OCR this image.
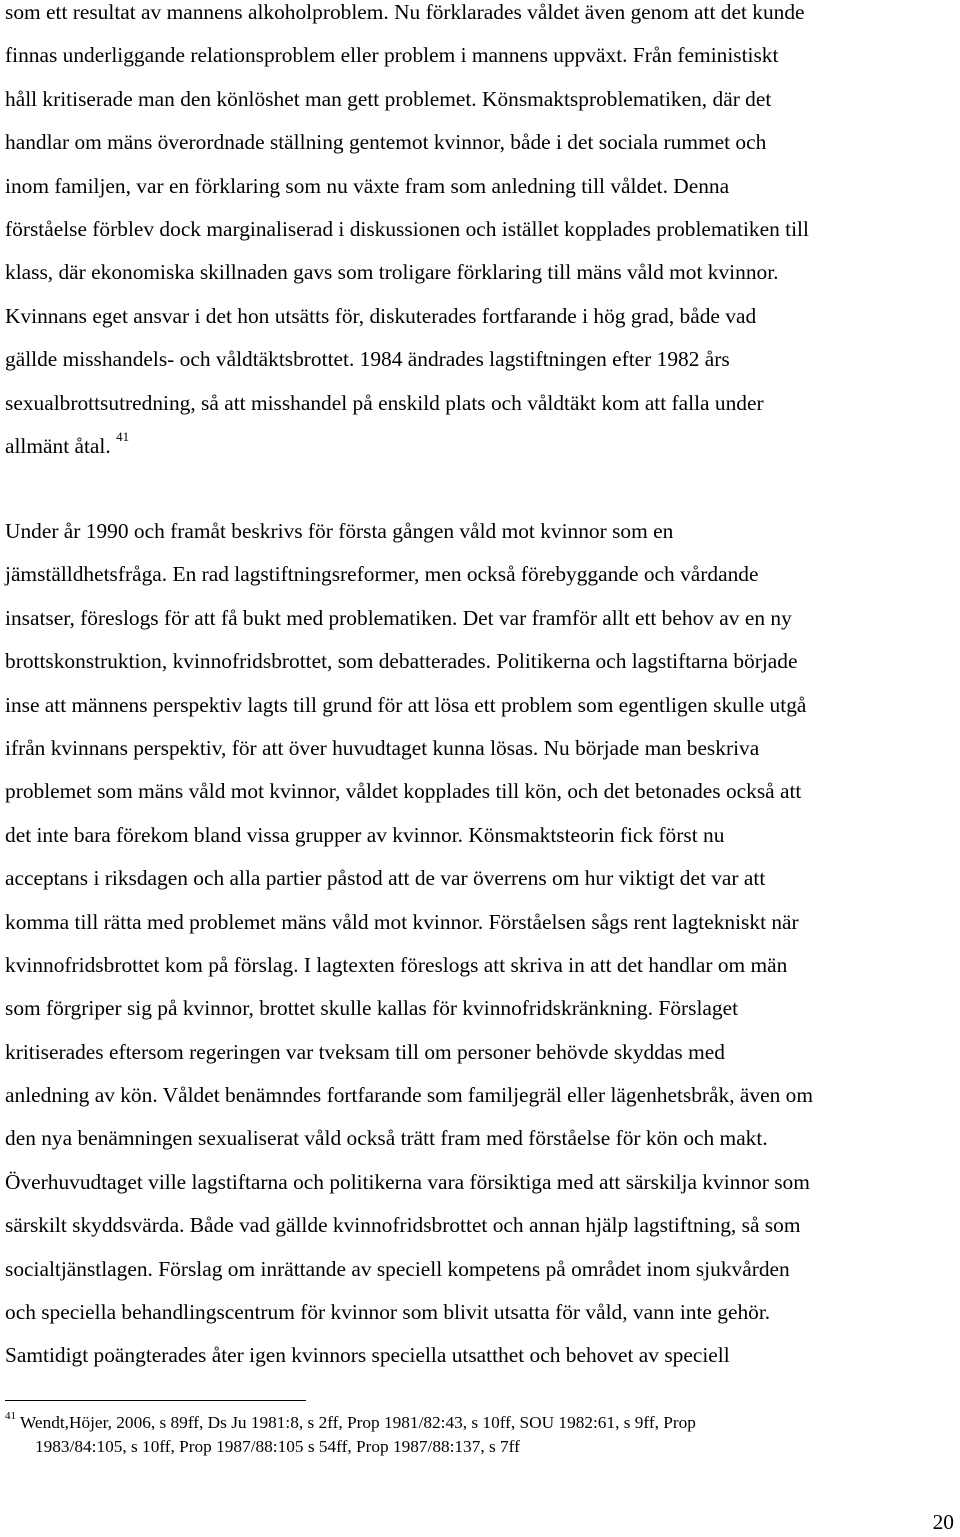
som ett resultat av mannens alkoholproblem. Nu förklarades våldet även genom att det kunde
finnas underliggande relationsproblem eller problem i mannens uppväxt. Från feministiskt
håll kritiserade man den könlöshet man gett problemet. Könsmaktsproblematiken, där det
handlar om mäns överordnade ställning gentemot kvinnor, både i det sociala rummet och
inom familjen, var en förklaring som nu växte fram som anledning till våldet. Denna
förståelse förblev dock marginaliserad i diskussionen och istället kopplades problematiken till
klass, där ekonomiska skillnaden gavs som troligare förklaring till mäns våld mot kvinnor.
Kvinnans eget ansvar i det hon utsätts för, diskuterades fortfarande i hög grad, både vad
gällde misshandels- och våldtäktsbrottet. 1984 ändrades lagstiftningen efter 1982 års
sexualbrottsutredning, så att misshandel på enskild plats och våldtäkt kom att falla under
allmänt åtal. $^{41}$
Under år 1990 och framåt beskrivs för första gången våld mot kvinnor som en
jämställdhetsfråga. En rad lagstiftningsreformer, men också förebyggande och vårdande
insatser, föreslogs för att få bukt med problematiken. Det var framför allt ett behov av en ny
brottskonstruktion, kvinnofridsbrottet, som debatterades. Politikerna och lagstiftarna började
inse att männens perspektiv lagts till grund för att lösa ett problem som egentligen skulle utgå
ifrån kvinnans perspektiv, för att över huvudtaget kunna lösas. Nu började man beskriva
problemet som mäns våld mot kvinnor, våldet kopplades till kön, och det betonades också att
det inte bara förekom bland vissa grupper av kvinnor. Könsmaktsteorin fick först nu
acceptans i riksdagen och alla partier påstod att de var överrens om hur viktigt det var att
komma till rätta med problemet mäns våld mot kvinnor. Förståelsen sågs rent lagtekniskt när
kvinnofridsbrottet kom på förslag. I lagtexten föreslogs att skriva in att det handlar om män
som förgriper sig på kvinnor, brottet skulle kallas för kvinnofridskränkning. Förslaget
kritiserades eftersom regeringen var tveksam till om personer behövde skyddas med
anledning av kön. Våldet benämndes fortfarande som familjegräl eller lägenhetsbråk, även om
den nya benämningen sexualiserat våld också trätt fram med förståelse för kön och makt.
Överhuvudtaget ville lagstiftarna och politikerna vara försiktiga med att särskilja kvinnor som
särskilt skyddsvärda. Både vad gällde kvinnofridsbrottet och annan hjälp lagstiftning, så som
socialtjänstlagen. Förslag om inrättande av speciell kompetens på området inom sjukvården
och speciella behandlingscentrum för kvinnor som blivit utsatta för våld, vann inte gehör.
Samtidigt poängterades åter igen kvinnors speciella utsatthet och behovet av speciell
$^{41}$ Wendt,Höjer, 2006, s 89ff, Ds Ju 1981:8, s 2ff, Prop 1981/82:43, s 10ff, SOU 1982:61, s 9ff, Prop
1983/84:105, s 10ff, Prop 1987/88:105 s 54ff, Prop 1987/88:137, s 7ff
20
